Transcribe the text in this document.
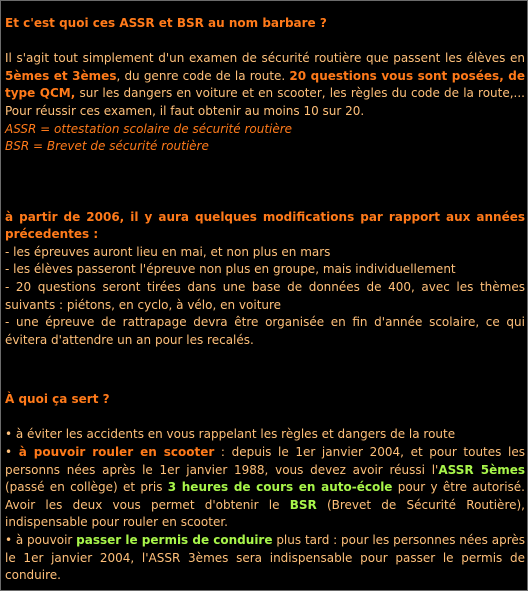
Et c'est quoi ces ASSR et BSR au nom barbare ?

Il s'agit tout simplement d'un examen de sécurité routière que passent les élèves en 5èmes et 3èmes, du genre code de la route. 20 questions vous sont posées, de type QCM, sur les dangers en voiture et en scooter, les règles du code de la route,... Pour réussir ces examen, il faut obtenir au moins 10 sur 20.

ASSR = ottestation scolaire de sécurité routière

BSR = Brevet de sécurité routière

à partir de 2006, il y aura quelques modifications par rapport aux années précedentes :

- les épreuves auront lieu en mai, et non plus en mars

- les élèves passeront l'épreuve non plus en groupe, mais individuellement

- 20 questions seront tirées dans une base de données de 400, avec les thèmes suivants : piétons, en cyclo, à vélo, en voiture

- une épreuve de rattrapage devra être organisée en fin d'année scolaire, ce qui évitera d'attendre un an pour les recalés.

À quoi ça sert ?

• à éviter les accidents en vous rappelant les règles et dangers de la route

• à pouvoir rouler en scooter : depuis le 1er janvier 2004, et pour toutes les personns nées après le 1er janvier 1988, vous devez avoir réussi l'ASSR 5èmes (passé en collège) et pris 3 heures de cours en auto-école pour y être autorisé. Avoir les deux vous permet d'obtenir le BSR (Brevet de Sécurité Routière), indispensable pour rouler en scooter.

• à pouvoir passer le permis de conduire plus tard : pour les personnes nées après le 1er janvier 2004, l'ASSR 3èmes sera indispensable pour passer le permis de conduire.
